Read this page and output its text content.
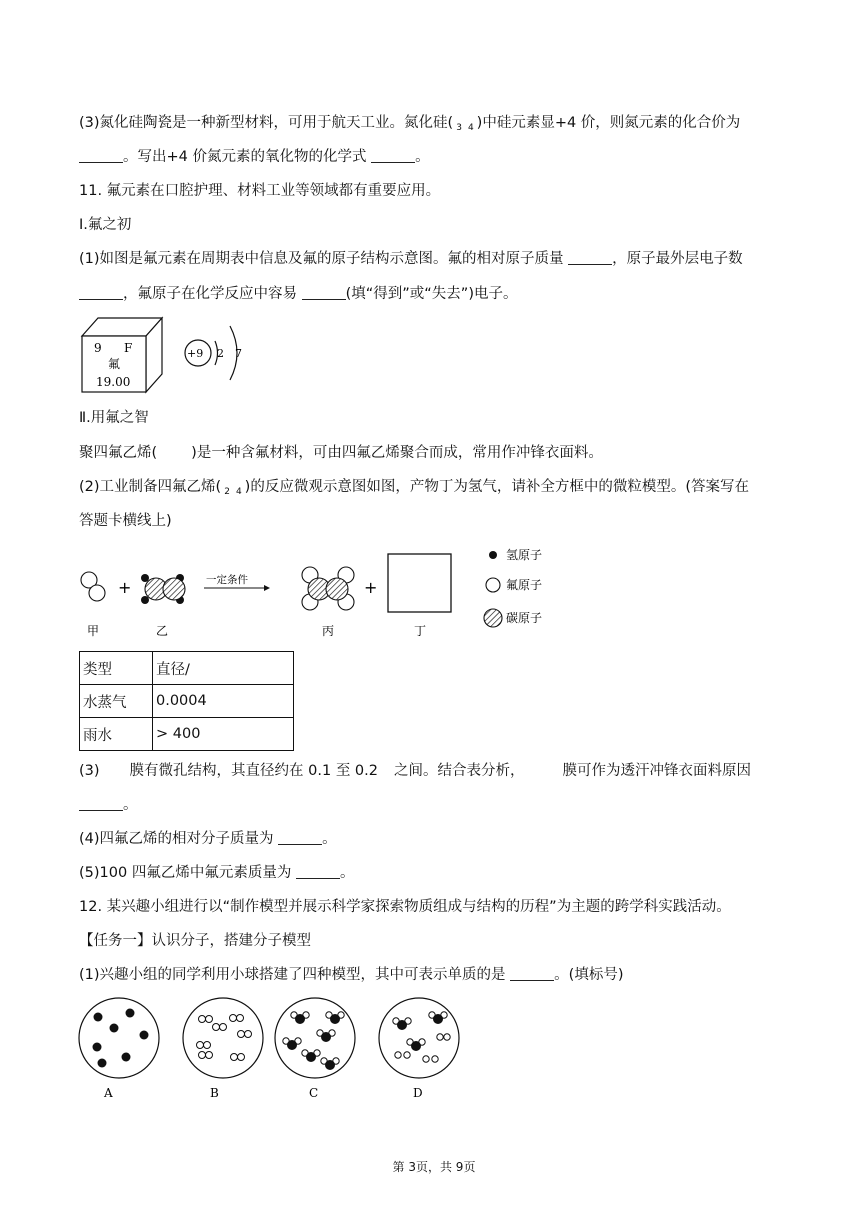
(3)氮化硅陶瓷是一种新型材料，可用于航天工业。氮化硅( 3 4 )中硅元素显+4 价，则氮元素的化合价为
。写出+4 价氮元素的氧化物的化学式	。
11. 氟元素在口腔护理、材料工业等领域都有重要应用。
Ⅰ.氟之初
(1)如图是氟元素在周期表中信息及氟的原子结构示意图。氟的相对原子质量	，原子最外层电子数
，氟原子在化学反应中容易	(填“得到”或“失去”)电子。
9 F
氟
19.00
+9 2 7
Ⅱ.用氟之智
聚四氟乙烯( )是一种含氟材料，可由四氟乙烯聚合而成，常用作冲锋衣面料。
(2)工业制备四氟乙烯( 2 4 )的反应微观示意图如图，产物丁为氢气，请补全方框中的微粒模型。(答案写在
答题卡横线上)
+	一定条件	+
甲	乙	丙	丁
氢原子
氟原子
碳原子
类型	直径/
水蒸气	0.0004
雨水	> 400
(3) 膜有微孔结构，其直径约在 0.1 至 0.2 之间。结合表分析，	膜可作为透汗冲锋衣面料原因
。
(4)四氟乙烯的相对分子质量为	。
(5)100 四氟乙烯中氟元素质量为	。
12. 某兴趣小组进行以“制作模型并展示科学家探索物质组成与结构的历程”为主题的跨学科实践活动。
【任务一】认识分子，搭建分子模型
(1)兴趣小组的同学利用小球搭建了四种模型，其中可表示单质的是	。(填标号)
A	B	C	D
第 3页，共 9页
